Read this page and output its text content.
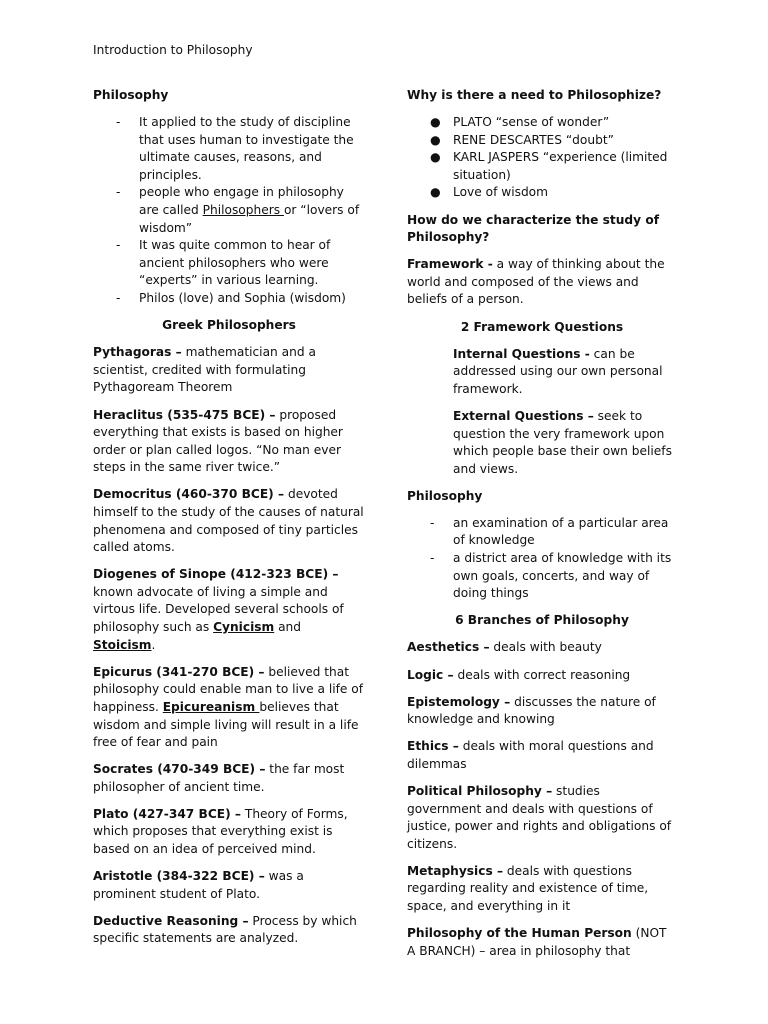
Introduction to Philosophy

Philosophy

- It applied to the study of discipline that uses human to investigate the ultimate causes, reasons, and principles.
- people who engage in philosophy are called Philosophers or “lovers of wisdom”
- It was quite common to hear of ancient philosophers who were “experts” in various learning.
- Philos (love) and Sophia (wisdom)

Greek Philosophers

Pythagoras – mathematician and a scientist, credited with formulating Pythagoream Theorem

Heraclitus (535-475 BCE) – proposed everything that exists is based on higher order or plan called logos. “No man ever steps in the same river twice.”

Democritus (460-370 BCE) – devoted himself to the study of the causes of natural phenomena and composed of tiny particles called atoms.

Diogenes of Sinope (412-323 BCE) – known advocate of living a simple and virtous life. Developed several schools of philosophy such as Cynicism and Stoicism.

Epicurus (341-270 BCE) – believed that philosophy could enable man to live a life of happiness. Epicureanism believes that wisdom and simple living will result in a life free of fear and pain

Socrates (470-349 BCE) – the far most philosopher of ancient time.

Plato (427-347 BCE) – Theory of Forms, which proposes that everything exist is based on an idea of perceived mind.

Aristotle (384-322 BCE) – was a prominent student of Plato.

Deductive Reasoning – Process by which specific statements are analyzed.

Why is there a need to Philosophize?

● PLATO “sense of wonder”
● RENE DESCARTES “doubt”
● KARL JASPERS “experience (limited situation)
● Love of wisdom

How do we characterize the study of Philosophy?

Framework - a way of thinking about the world and composed of the views and beliefs of a person.

2 Framework Questions

Internal Questions - can be addressed using our own personal framework.

External Questions – seek to question the very framework upon which people base their own beliefs and views.

Philosophy

- an examination of a particular area of knowledge
- a district area of knowledge with its own goals, concerts, and way of doing things

6 Branches of Philosophy

Aesthetics – deals with beauty

Logic – deals with correct reasoning

Epistemology – discusses the nature of knowledge and knowing

Ethics – deals with moral questions and dilemmas

Political Philosophy – studies government and deals with questions of justice, power and rights and obligations of citizens.

Metaphysics – deals with questions regarding reality and existence of time, space, and everything in it

Philosophy of the Human Person (NOT A BRANCH) – area in philosophy that
